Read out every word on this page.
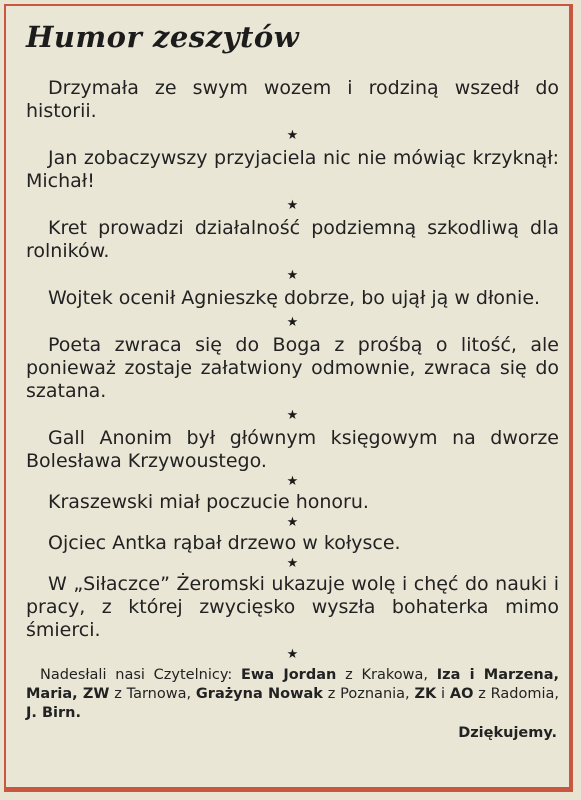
Humor zeszytów

Drzymała ze swym wozem i rodziną wszedł do historii.

★

Jan zobaczywszy przyjaciela nic nie mówiąc krzyknął: Michał!

★

Kret prowadzi działalność podziemną szkodliwą dla rolników.

★

Wojtek ocenił Agnieszkę dobrze, bo ujął ją w dłonie.

★

Poeta zwraca się do Boga z prośbą o litość, ale ponieważ zostaje załatwiony odmownie, zwraca się do szatana.

★

Gall Anonim był głównym księgowym na dworze Bolesława Krzywoustego.

★

Kraszewski miał poczucie honoru.

★

Ojciec Antka rąbał drzewo w kołysce.

★

W „Siłaczce” Żeromski ukazuje wolę i chęć do nauki i pracy, z której zwycięsko wyszła bohaterka mimo śmierci.

★

Nadesłali nasi Czytelnicy: Ewa Jordan z Krakowa, Iza i Marzena, Maria, ZW z Tarnowa, Grażyna Nowak z Poznania, ZK i AO z Radomia, J. Birn.

Dziękujemy.
